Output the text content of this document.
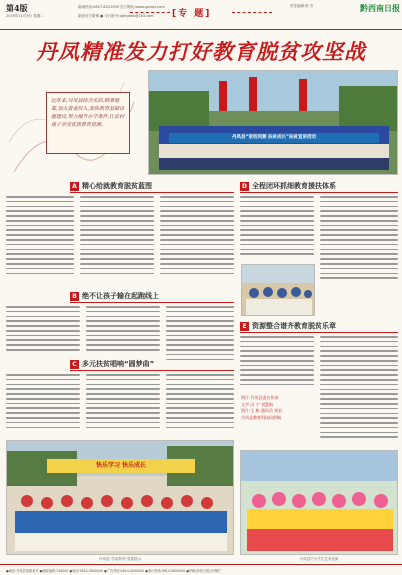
第4版
2019年11月5日 星期二
新闻热线:0857-8221090 官方网站:www.qxnbjs.com
新浪官方微博 ● 今日报刊:qbtrgkbs@163.com [专 题]
责任编辑:张 芳	黔西南日报
丹凤精准发力打好教育脱贫攻坚战
近年来,丹凤县结合实际,精准施策,加大资金投入,加快教育基础设施建设,努力提升办学条件,让农村孩子享受优质教育资源。
丹凤县“家校同频 扶贫成长”扶贫宣讲活动
A 精心给就教育脱贫蓝图	D 全程闭环抓细教育援扶体系
B 绝不让孩子输在起跑线上
E 资源整合谱齐教育脱贫乐章
C 多元扶贫唱响“圆梦曲”
图片:丹凤县委宣传部
文字:冯 宁 刘慧娟
图片:王 彬 通讯员 刘宏
丹凤县教育科技局供稿
快乐学习 快乐成长
丹凤县“学前教育”成果展示	丹凤县中小学生艺术表演
●地址:丹凤县某路某号 ●邮政编码:726200 ●电话:0914-0000000 ●广告热线:0914-0000000 ●发行热线:0914-0000000 ●印刷:商洛日报社印刷厂
